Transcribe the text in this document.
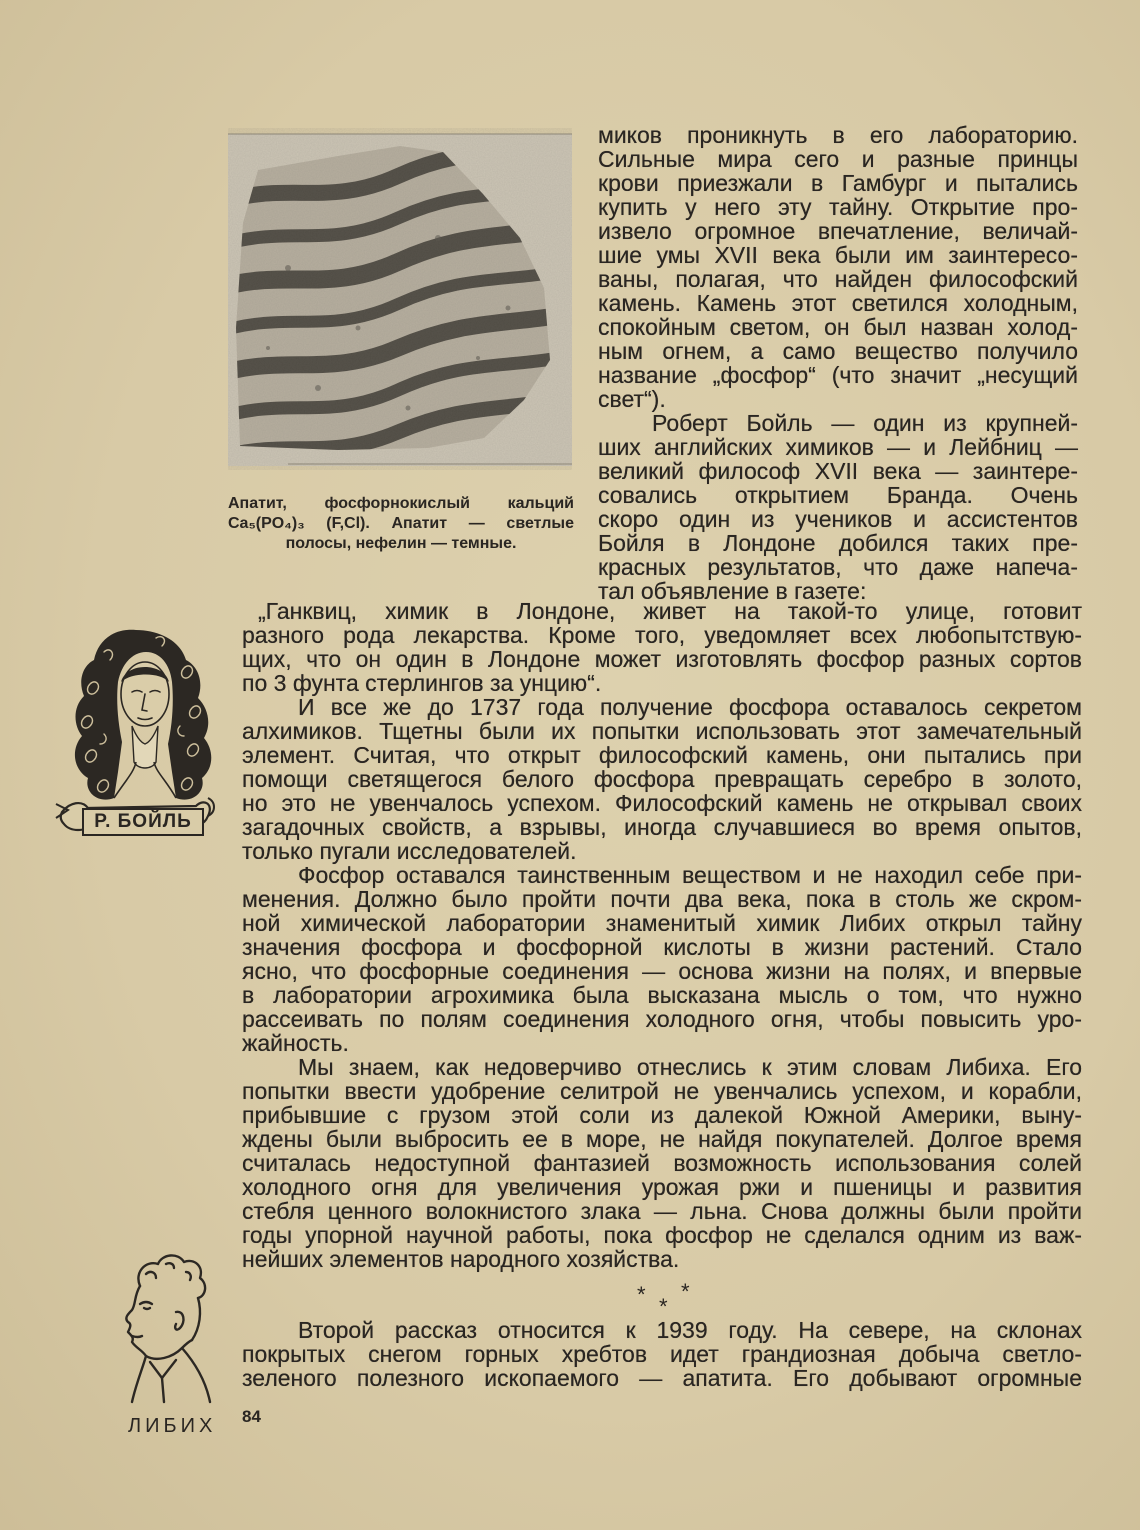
Апатит, фосфорнокислый кальций
Ca₅(PO₄)₃ (F,Cl). Апатит — светлые
полосы, нефелин — темные.
миков проникнуть в его лабораторию.
Сильные мира сего и разные принцы
крови приезжали в Гамбург и пытались
купить у него эту тайну. Открытие про-
извело огромное впечатление, величай-
шие умы XVII века были им заинтересо-
ваны, полагая, что найден философский
камень. Камень этот светился холодным,
спокойным светом, он был назван холод-
ным огнем, а само вещество получило
название „фосфор“ (что значит „несущий
свет“).
Роберт Бойль — один из крупней-
ших английских химиков — и Лейбниц —
великий философ XVII века — заинтере-
совались открытием Бранда. Очень
скоро один из учеников и ассистентов
Бойля в Лондоне добился таких пре-
красных результатов, что даже напеча-
тал объявление в газете:
„Ганквиц, химик в Лондоне, живет на такой-то улице, готовит
разного рода лекарства. Кроме того, уведомляет всех любопытствую-
щих, что он один в Лондоне может изготовлять фосфор разных сортов
по 3 фунта стерлингов за унцию“.
И все же до 1737 года получение фосфора оставалось секретом
алхимиков. Тщетны были их попытки использовать этот замечательный
элемент. Считая, что открыт философский камень, они пытались при
помощи светящегося белого фосфора превращать серебро в золото,
но это не увенчалось успехом. Философский камень не открывал своих
загадочных свойств, а взрывы, иногда случавшиеся во время опытов,
только пугали исследователей.
Фосфор оставался таинственным веществом и не находил себе при-
менения. Должно было пройти почти два века, пока в столь же скром-
ной химической лаборатории знаменитый химик Либих открыл тайну
значения фосфора и фосфорной кислоты в жизни растений. Стало
ясно, что фосфорные соединения — основа жизни на полях, и впервые
в лаборатории агрохимика была высказана мысль о том, что нужно
рассеивать по полям соединения холодного огня, чтобы повысить уро-
жайность.
Мы знаем, как недоверчиво отнеслись к этим словам Либиха. Его
попытки ввести удобрение селитрой не увенчались успехом, и корабли,
прибывшие с грузом этой соли из далекой Южной Америки, выну-
ждены были выбросить ее в море, не найдя покупателей. Долгое время
считалась недоступной фантазией возможность использования солей
холодного огня для увеличения урожая ржи и пшеницы и развития
стебля ценного волокнистого злака — льна. Снова должны были пройти
годы упорной научной работы, пока фосфор не сделался одним из важ-
нейших элементов народного хозяйства.
* *
*
Второй рассказ относится к 1939 году. На севере, на склонах
покрытых снегом горных хребтов идет грандиозная добыча светло-
зеленого полезного ископаемого — апатита. Его добывают огромные
84
Р. БОЙЛЬ
ЛИБИХ
